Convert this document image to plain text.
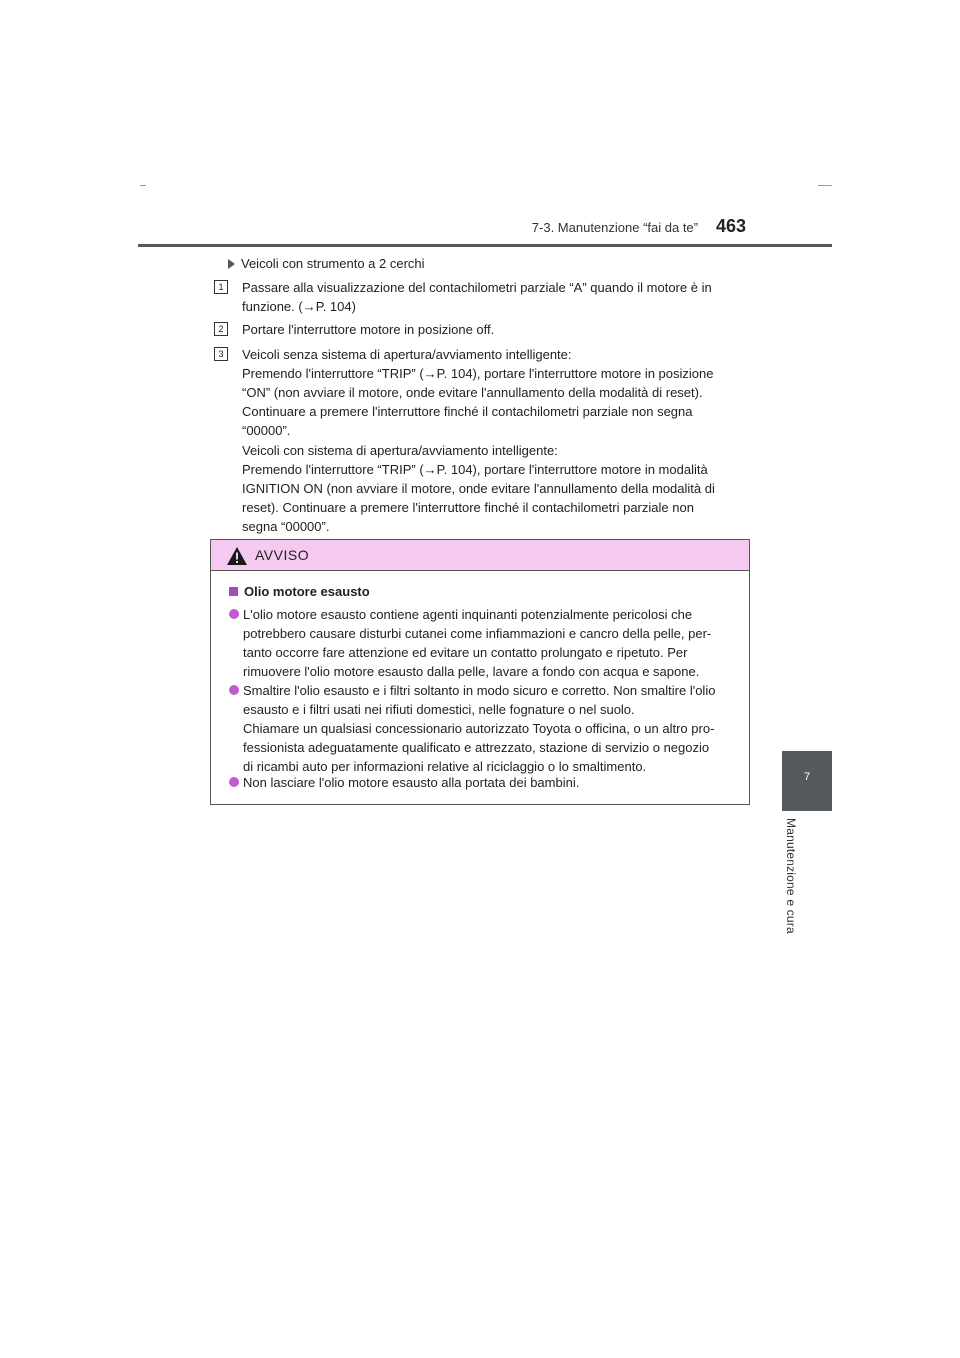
7-3. Manutenzione “fai da te” 463
7
Manutenzione e cura
Veicoli con strumento a 2 cerchi
1	Passare alla visualizzazione del contachilometri parziale “A” quando il motore è in
funzione. (→P. 104)
2	Portare l'interruttore motore in posizione off.
3	Veicoli senza sistema di apertura/avviamento intelligente:
Premendo l'interruttore “TRIP” (→P. 104), portare l'interruttore motore in posizione
“ON” (non avviare il motore, onde evitare l'annullamento della modalità di reset).
Continuare a premere l'interruttore finché il contachilometri parziale non segna
“00000”.
Veicoli con sistema di apertura/avviamento intelligente:
Premendo l'interruttore “TRIP” (→P. 104), portare l'interruttore motore in modalità
IGNITION ON (non avviare il motore, onde evitare l'annullamento della modalità di
reset). Continuare a premere l'interruttore finché il contachilometri parziale non
segna “00000”.
AVVISO
Olio motore esausto
L'olio motore esausto contiene agenti inquinanti potenzialmente pericolosi che
potrebbero causare disturbi cutanei come infiammazioni e cancro della pelle, per-
tanto occorre fare attenzione ed evitare un contatto prolungato e ripetuto. Per
rimuovere l'olio motore esausto dalla pelle, lavare a fondo con acqua e sapone.
Smaltire l'olio esausto e i filtri soltanto in modo sicuro e corretto. Non smaltire l'olio
esausto e i filtri usati nei rifiuti domestici, nelle fognature o nel suolo.
Chiamare un qualsiasi concessionario autorizzato Toyota o officina, o un altro pro-
fessionista adeguatamente qualificato e attrezzato, stazione di servizio o negozio
di ricambi auto per informazioni relative al riciclaggio o lo smaltimento.
Non lasciare l'olio motore esausto alla portata dei bambini.
